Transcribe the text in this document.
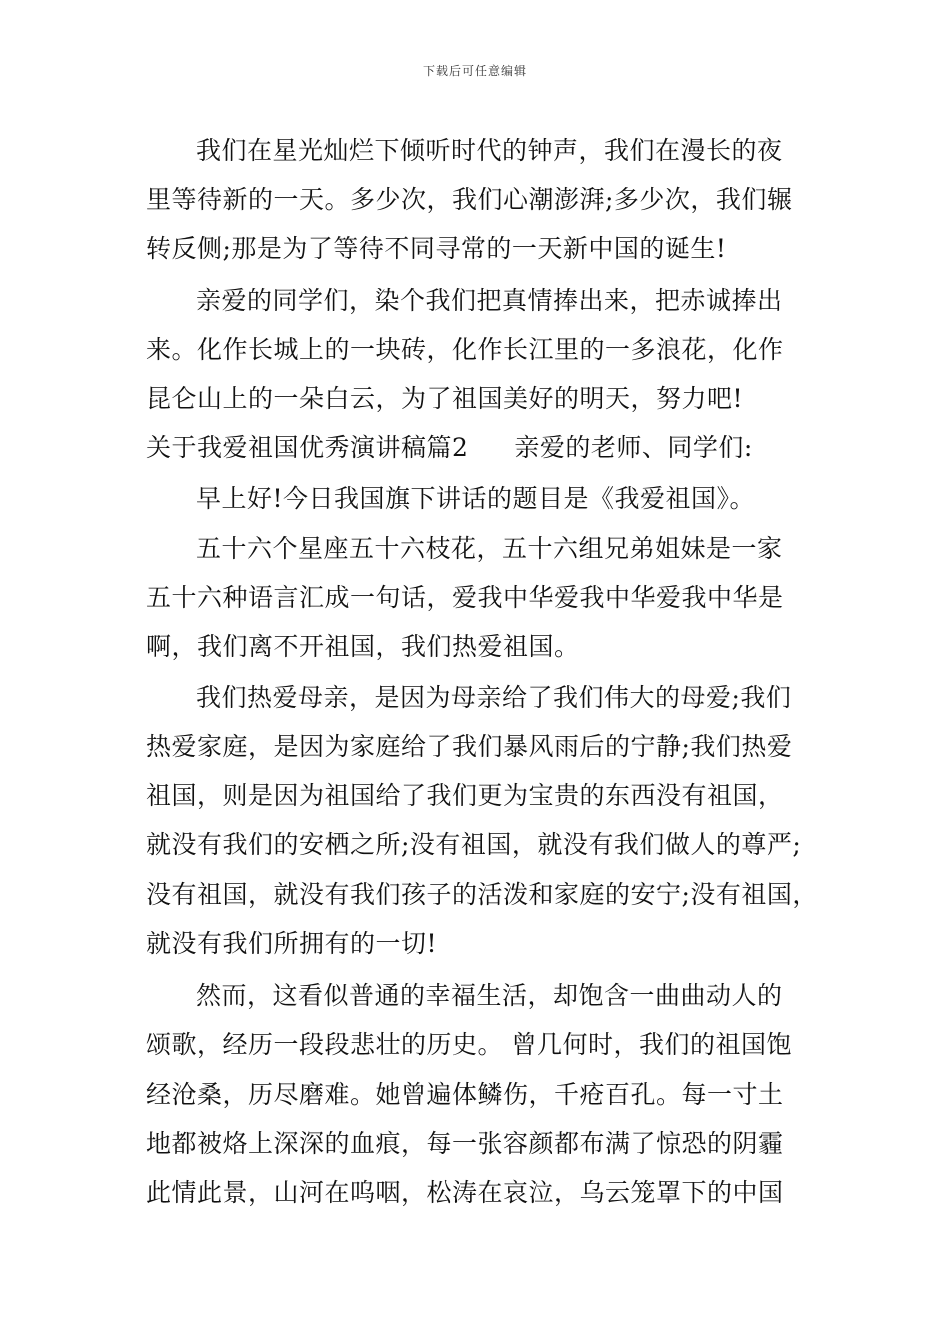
下载后可任意编辑
我们在星光灿烂下倾听时代的钟声，我们在漫长的夜
里等待新的一天。多少次，我们心潮澎湃;多少次，我们辗
转反侧;那是为了等待不同寻常的一天新中国的诞生!
亲爱的同学们，染个我们把真情捧出来，把赤诚捧出
来。化作长城上的一块砖，化作长江里的一多浪花，化作
昆仑山上的一朵白云，为了祖国美好的明天，努力吧!
关于我爱祖国优秀演讲稿篇2 亲爱的老师、同学们:
早上好!今日我国旗下讲话的题目是《我爱祖国》。
五十六个星座五十六枝花，五十六组兄弟姐妹是一家
五十六种语言汇成一句话，爱我中华爱我中华爱我中华是
啊，我们离不开祖国，我们热爱祖国。
我们热爱母亲，是因为母亲给了我们伟大的母爱;我们
热爱家庭，是因为家庭给了我们暴风雨后的宁静;我们热爱
祖国，则是因为祖国给了我们更为宝贵的东西没有祖国，
就没有我们的安栖之所;没有祖国，就没有我们做人的尊严;
没有祖国，就没有我们孩子的活泼和家庭的安宁;没有祖国，
就没有我们所拥有的一切!
然而，这看似普通的幸福生活，却饱含一曲曲动人的
颂歌，经历一段段悲壮的历史。 曾几何时，我们的祖国饱
经沧桑，历尽磨难。她曾遍体鳞伤，千疮百孔。每一寸土
地都被烙上深深的血痕，每一张容颜都布满了惊恐的阴霾
此情此景，山河在呜咽，松涛在哀泣，乌云笼罩下的中国
